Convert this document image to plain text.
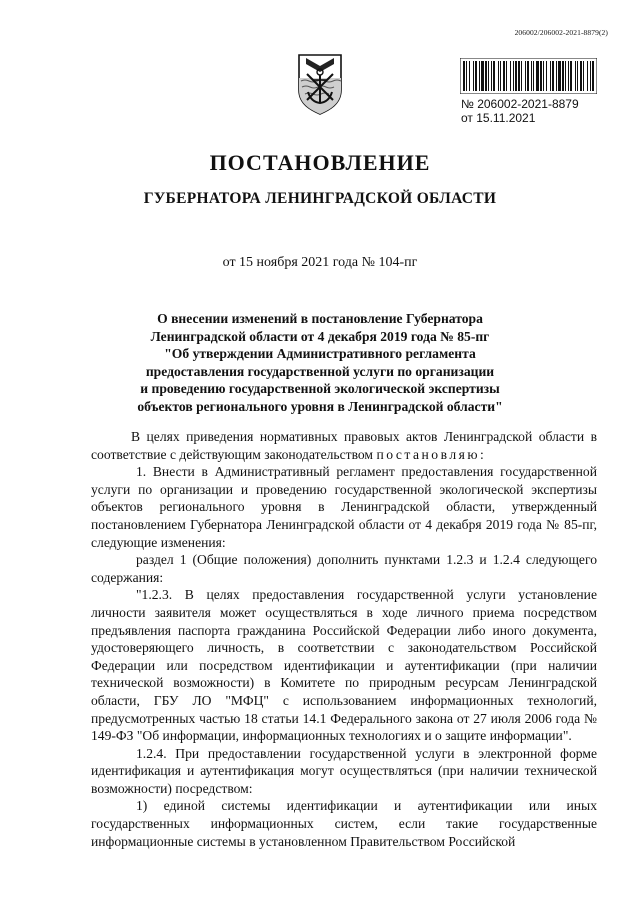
206002/206002-2021-8879(2)
№ 206002-2021-8879
от 15.11.2021
ПОСТАНОВЛЕНИЕ
ГУБЕРНАТОРА ЛЕНИНГРАДСКОЙ ОБЛАСТИ
от 15 ноября 2021 года № 104-пг
О внесении изменений в постановление Губернатора
Ленинградской области от 4 декабря 2019 года № 85-пг
"Об утверждении Административного регламента
предоставления государственной услуги по организации
и проведению государственной экологической экспертизы
объектов регионального уровня в Ленинградской области"

В целях приведения нормативных правовых актов Ленинградской области в соответствие с действующим законодательством постановляю:

1. Внести в Административный регламент предоставления государственной услуги по организации и проведению государственной экологической экспертизы объектов регионального уровня в Ленинградской области, утвержденный постановлением Губернатора Ленинградской области от 4 декабря 2019 года № 85-пг, следующие изменения:

раздел 1 (Общие положения) дополнить пунктами 1.2.3 и 1.2.4 следующего содержания:

"1.2.3. В целях предоставления государственной услуги установление личности заявителя может осуществляться в ходе личного приема посредством предъявления паспорта гражданина Российской Федерации либо иного документа, удостоверяющего личность, в соответствии с законодательством Российской Федерации или посредством идентификации и аутентификации (при наличии технической возможности) в Комитете по природным ресурсам Ленинградской области, ГБУ ЛО "МФЦ" с использованием информационных технологий, предусмотренных частью 18 статьи 14.1 Федерального закона от 27 июля 2006 года № 149-ФЗ "Об информации, информационных технологиях и о защите информации".

1.2.4. При предоставлении государственной услуги в электронной форме идентификация и аутентификация могут осуществляться (при наличии технической возможности) посредством:

1) единой системы идентификации и аутентификации или иных государственных информационных систем, если такие государственные информационные системы в установленном Правительством Российской
